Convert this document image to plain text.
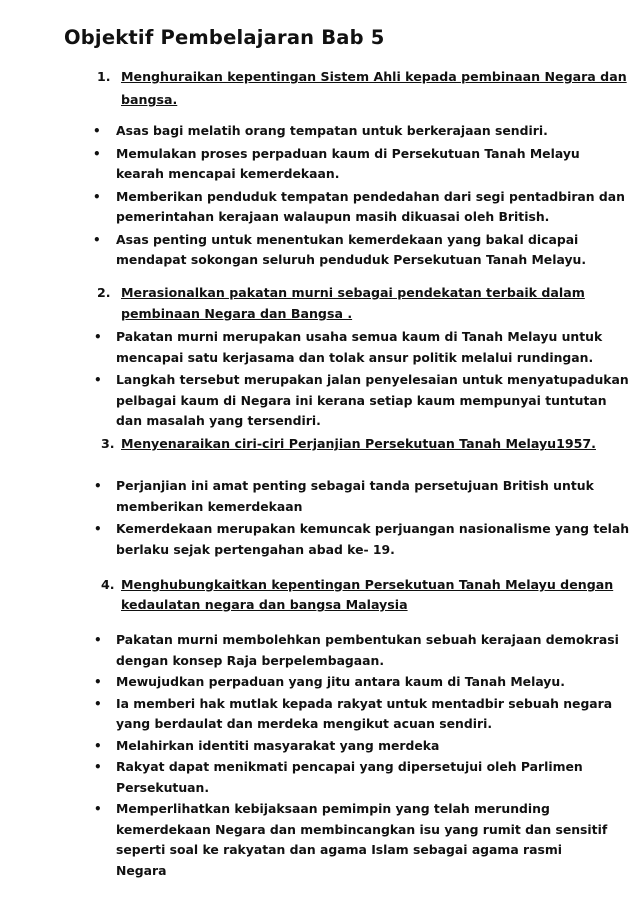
Objektif Pembelajaran Bab 5
1. Menghuraikan kepentingan Sistem Ahli kepada pembinaan Negara dan
bangsa.
• Asas bagi melatih orang tempatan untuk berkerajaan sendiri.
• Memulakan proses perpaduan kaum di Persekutuan Tanah Melayu
kearah mencapai kemerdekaan.
• Memberikan penduduk tempatan pendedahan dari segi pentadbiran dan
pemerintahan kerajaan walaupun masih dikuasai oleh British.
• Asas penting untuk menentukan kemerdekaan yang bakal dicapai
mendapat sokongan seluruh penduduk Persekutuan Tanah Melayu.
2. Merasionalkan pakatan murni sebagai pendekatan terbaik dalam
pembinaan Negara dan Bangsa .
• Pakatan murni merupakan usaha semua kaum di Tanah Melayu untuk
mencapai satu kerjasama dan tolak ansur politik melalui rundingan.
• Langkah tersebut merupakan jalan penyelesaian untuk menyatupadukan
pelbagai kaum di Negara ini kerana setiap kaum mempunyai tuntutan
dan masalah yang tersendiri.
3. Menyenaraikan ciri-ciri Perjanjian Persekutuan Tanah Melayu1957.
• Perjanjian ini amat penting sebagai tanda persetujuan British untuk
memberikan kemerdekaan
• Kemerdekaan merupakan kemuncak perjuangan nasionalisme yang telah
berlaku sejak pertengahan abad ke- 19.
4. Menghubungkaitkan kepentingan Persekutuan Tanah Melayu dengan
kedaulatan negara dan bangsa Malaysia
• Pakatan murni membolehkan pembentukan sebuah kerajaan demokrasi
dengan konsep Raja berpelembagaan.
• Mewujudkan perpaduan yang jitu antara kaum di Tanah Melayu.
• Ia memberi hak mutlak kepada rakyat untuk mentadbir sebuah negara
yang berdaulat dan merdeka mengikut acuan sendiri.
• Melahirkan identiti masyarakat yang merdeka
• Rakyat dapat menikmati pencapai yang dipersetujui oleh Parlimen
Persekutuan.
• Memperlihatkan kebijaksaan pemimpin yang telah merunding
kemerdekaan Negara dan membincangkan isu yang rumit dan sensitif
seperti soal ke rakyatan dan agama Islam sebagai agama rasmi
Negara
